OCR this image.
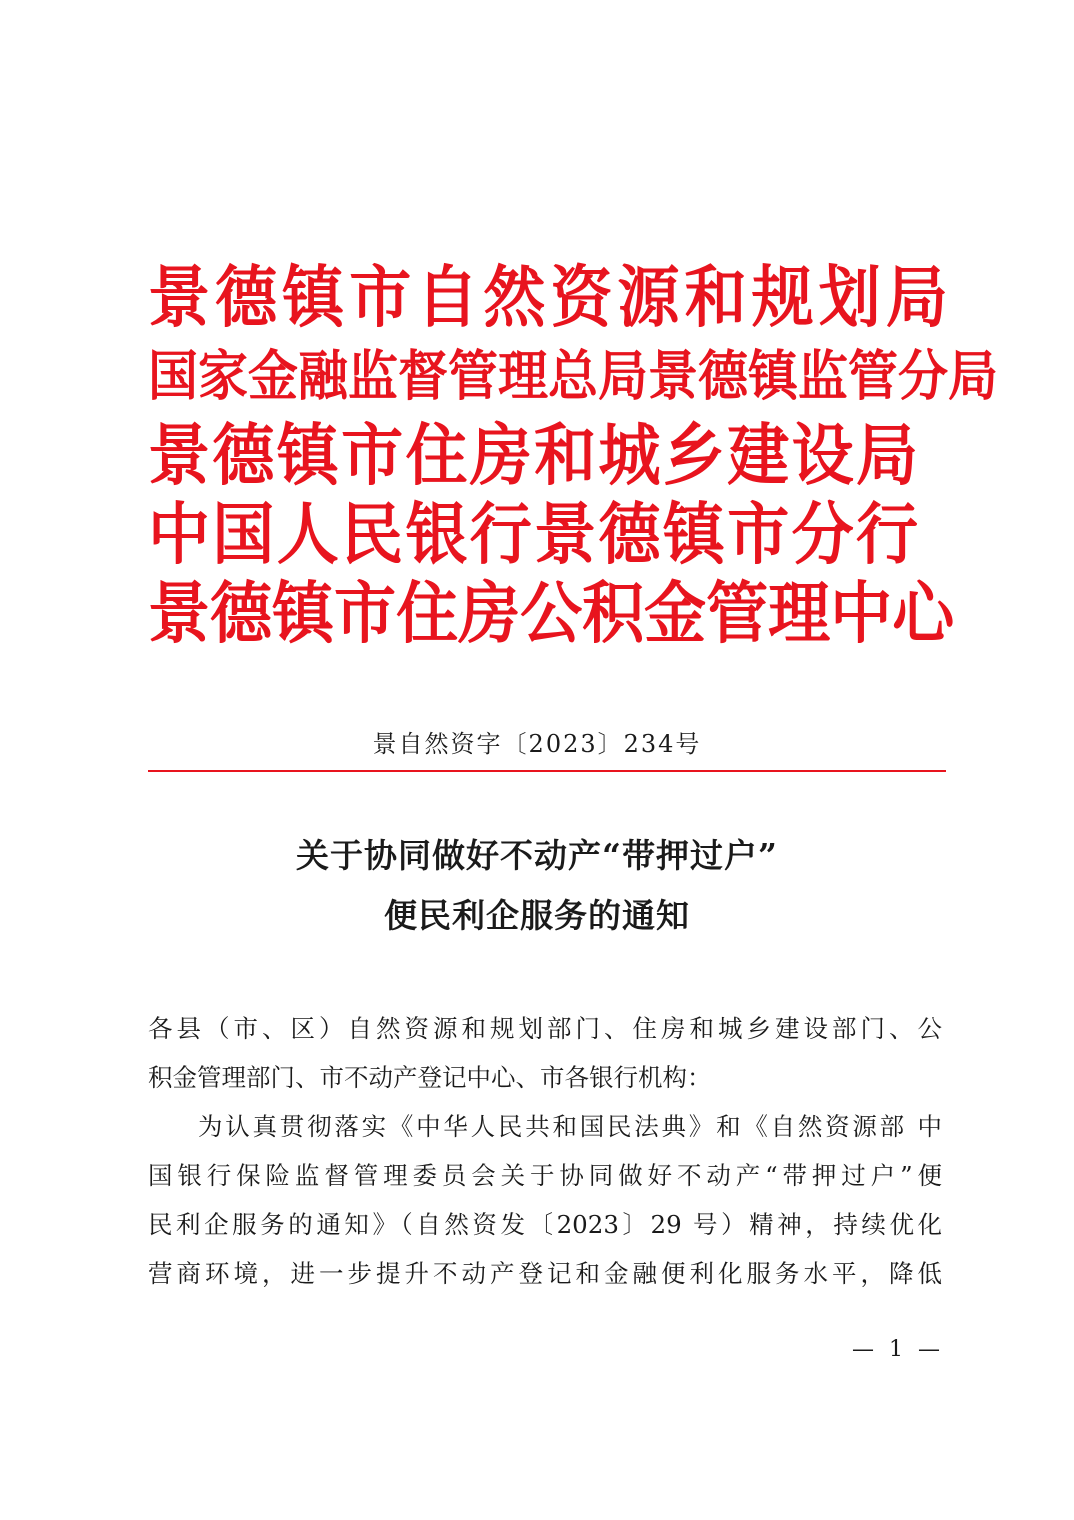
景 德 镇 市 自 然 资 源 和 规 划 局
国 家 金 融 监 督 管 理 总 局 景 德 镇 监 管 分 局
景 德 镇 市 住 房 和 城 乡 建 设 局
中 国 人 民 银 行 景 德 镇 市 分 行
景 德 镇 市 住 房 公 积 金 管 理 中 心
景自然资字〔2023〕234号
关于协同做好不动产“带押过户”
便民利企服务的通知
各县（市、区）自然资源和规划部门、住房和城乡建设部门、公
积金管理部门、市不动产登记中心、市各银行机构：
为认真贯彻落实《中华人民共和国民法典》和《自然资源部 中
国银行保险监督管理委员会关于协同做好不动产“带押过户”便
民利企服务的通知》（自然资发〔2023〕29 号）精神，持续优化
营商环境，进一步提升不动产登记和金融便利化服务水平，降低
— 1 —
